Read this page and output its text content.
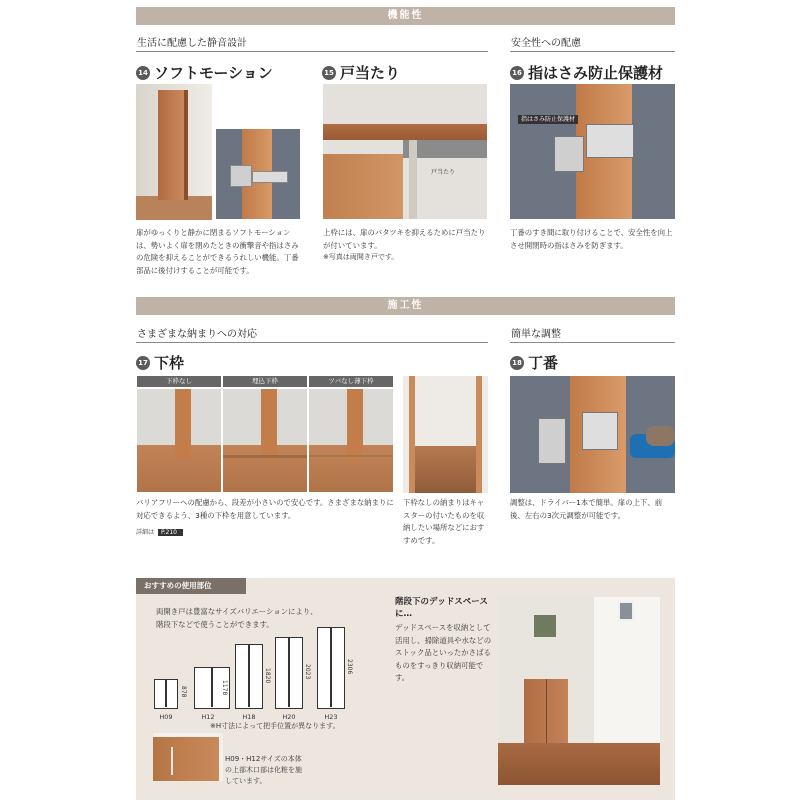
機能性
生活に配慮した静音設計	安全性への配慮
14 ソフトモーション
扉がゆっくりと静かに閉まるソフトモーションは、勢いよく扉を閉めたときの衝撃音や指はさみの危険を抑えることができるうれしい機能。丁番部品に後付けすることが可能です。
15 戸当たり
戸当たり
上枠には、扉のバタツキを抑えるために戸当たりが付いています。
※写真は両開き戸です。
16 指はさみ防止保護材
指はさみ防止保護材
丁番のすき間に取り付けることで、安全性を向上させ開閉時の指はさみを防ぎます。
施工性
さまざまな納まりへの対応	簡単な調整
17 下枠
下枠なし	埋込下枠	ツバなし薄下枠
バリアフリーへの配慮から、段差が小さいので安心です。さまざまな納まりに対応できるよう、3種の下枠を用意しています。
詳細は P.210
下枠なしの納まりはキャスターの付いたものを収納したい場所などにおすすめです。
18 丁番
調整は、ドライバー1本で簡単。扉の上下、前後、左右の3次元調整が可能です。
おすすめの使用部位
両開き戸は豊富なサイズバリエーションにより、階段下などで使うことができます。
878
H09
1178
H12
1820
H18
2023
H20
2306
H23
※H寸法によって把手位置が異なります。
H09・H12サイズの本体の上部木口部は化粧を施しています。
階段下のデッドスペースに…
デッドスペースを収納として活用し、掃除道具や水などのストック品といったかさばるものをすっきり収納可能です。
